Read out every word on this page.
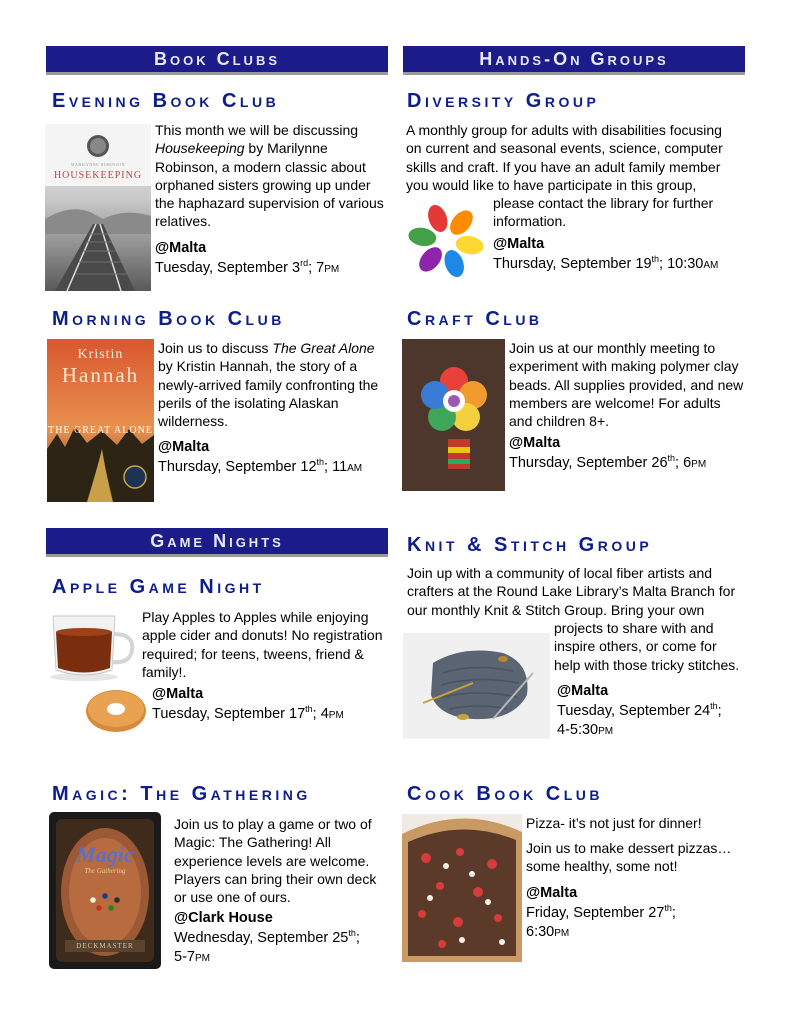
Book Clubs
Evening Book Club
MARILYNNE ROBINSON
HOUSEKEEPING
This month we will be discussing Housekeeping by Marilynne Robinson, a modern classic about orphaned sisters growing up under the haphazard supervision of various relatives.
@Malta
Tuesday, September 3rd; 7pm
Morning Book Club
Kristin
Hannah
THE GREAT ALONE
Join us to discuss The Great Alone by Kristin Hannah, the story of a newly-arrived family confronting the perils of the isolating Alaskan wilderness.
@Malta
Thursday, September 12th; 11am
Game Nights
Apple Game Night
Play Apples to Apples while enjoying apple cider and donuts! No registration required; for teens, tweens, friend & family!.
@Malta
Tuesday, September 17th; 4pm
Magic: The Gathering
Magic
The Gathering
DECKMASTER
Join us to play a game or two of Magic: The Gathering! All experience levels are welcome. Players can bring their own deck or use one of ours.
@Clark House
Wednesday, September 25th;
5-7pm
Hands-On Groups
Diversity Group
A monthly group for adults with disabilities focusing on current and seasonal events, science, computer skills and craft. If you have an adult family member you would like to have participate in this group,
please contact the library for further information.
@Malta
Thursday, September 19th; 10:30am
Craft Club
Join us at our monthly meeting to experiment with making polymer clay beads. All supplies provided, and new members are welcome! For adults and children 8+.
@Malta
Thursday, September 26th; 6pm
Knit & Stitch Group
Join up with a community of local fiber artists and crafters at the Round Lake Library’s Malta Branch for our monthly Knit & Stitch Group. Bring your own
projects to share with and inspire others, or come for help with those tricky stitches.
@Malta
Tuesday, September 24th;
4-5:30pm
Cook Book Club
Pizza- it’s not just for dinner!
Join us to make dessert pizzas… some healthy, some not!
@Malta
Friday, September 27th;
6:30pm
